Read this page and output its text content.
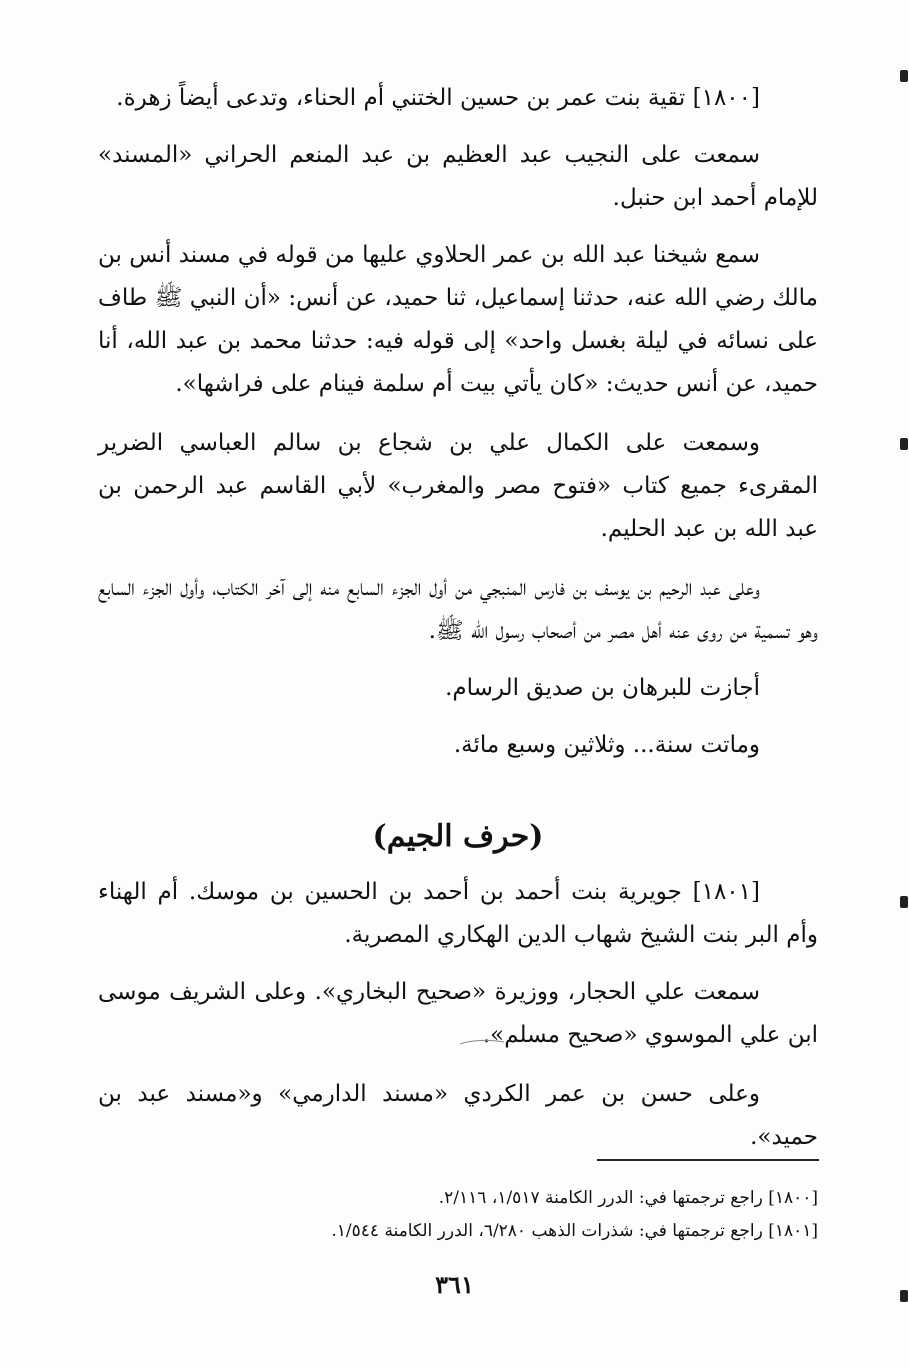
[١٨٠٠] تقية بنت عمر بن حسين الختني أم الحناء، وتدعى أيضاً زهرة.

سمعت على النجيب عبد العظيم بن عبد المنعم الحراني «المسند» للإمام أحمد ابن حنبل.

سمع شيخنا عبد الله بن عمر الحلاوي عليها من قوله في مسند أنس بن مالك رضي الله عنه، حدثنا إسماعيل، ثنا حميد، عن أنس: «أن النبي ﷺ طاف على نسائه في ليلة بغسل واحد» إلى قوله فيه: حدثنا محمد بن عبد الله، أنا حميد، عن أنس حديث: «كان يأتي بيت أم سلمة فينام على فراشها».

وسمعت على الكمال علي بن شجاع بن سالم العباسي الضرير المقرىء جميع كتاب «فتوح مصر والمغرب» لأبي القاسم عبد الرحمن بن عبد الله بن عبد الحليم.

وعلى عبد الرحيم بن يوسف بن فارس المنبجي من أول الجزء السابع منه إلى آخر الكتاب، وأول الجزء السابع وهو تسمية من روى عنه أهل مصر من أصحاب رسول الله ﷺ.

أجازت للبرهان بن صديق الرسام.

وماتت سنة... وثلاثين وسبع مائة.

(حرف الجيم)

[١٨٠١] جويرية بنت أحمد بن أحمد بن الحسين بن موسك. أم الهناء وأم البر بنت الشيخ شهاب الدين الهكاري المصرية.

سمعت علي الحجار، ووزيرة «صحيح البخاري». وعلى الشريف موسى ابن علي الموسوي «صحيح مسلم».

وعلى حسن بن عمر الكردي «مسند الدارمي» و«مسند عبد بن حميد».

[١٨٠٠] راجع ترجمتها في: الدرر الكامنة ١/٥١٧، ٢/١١٦.

[١٨٠١] راجع ترجمتها في: شذرات الذهب ٦/٢٨٠، الدرر الكامنة ١/٥٤٤.

٣٦١
